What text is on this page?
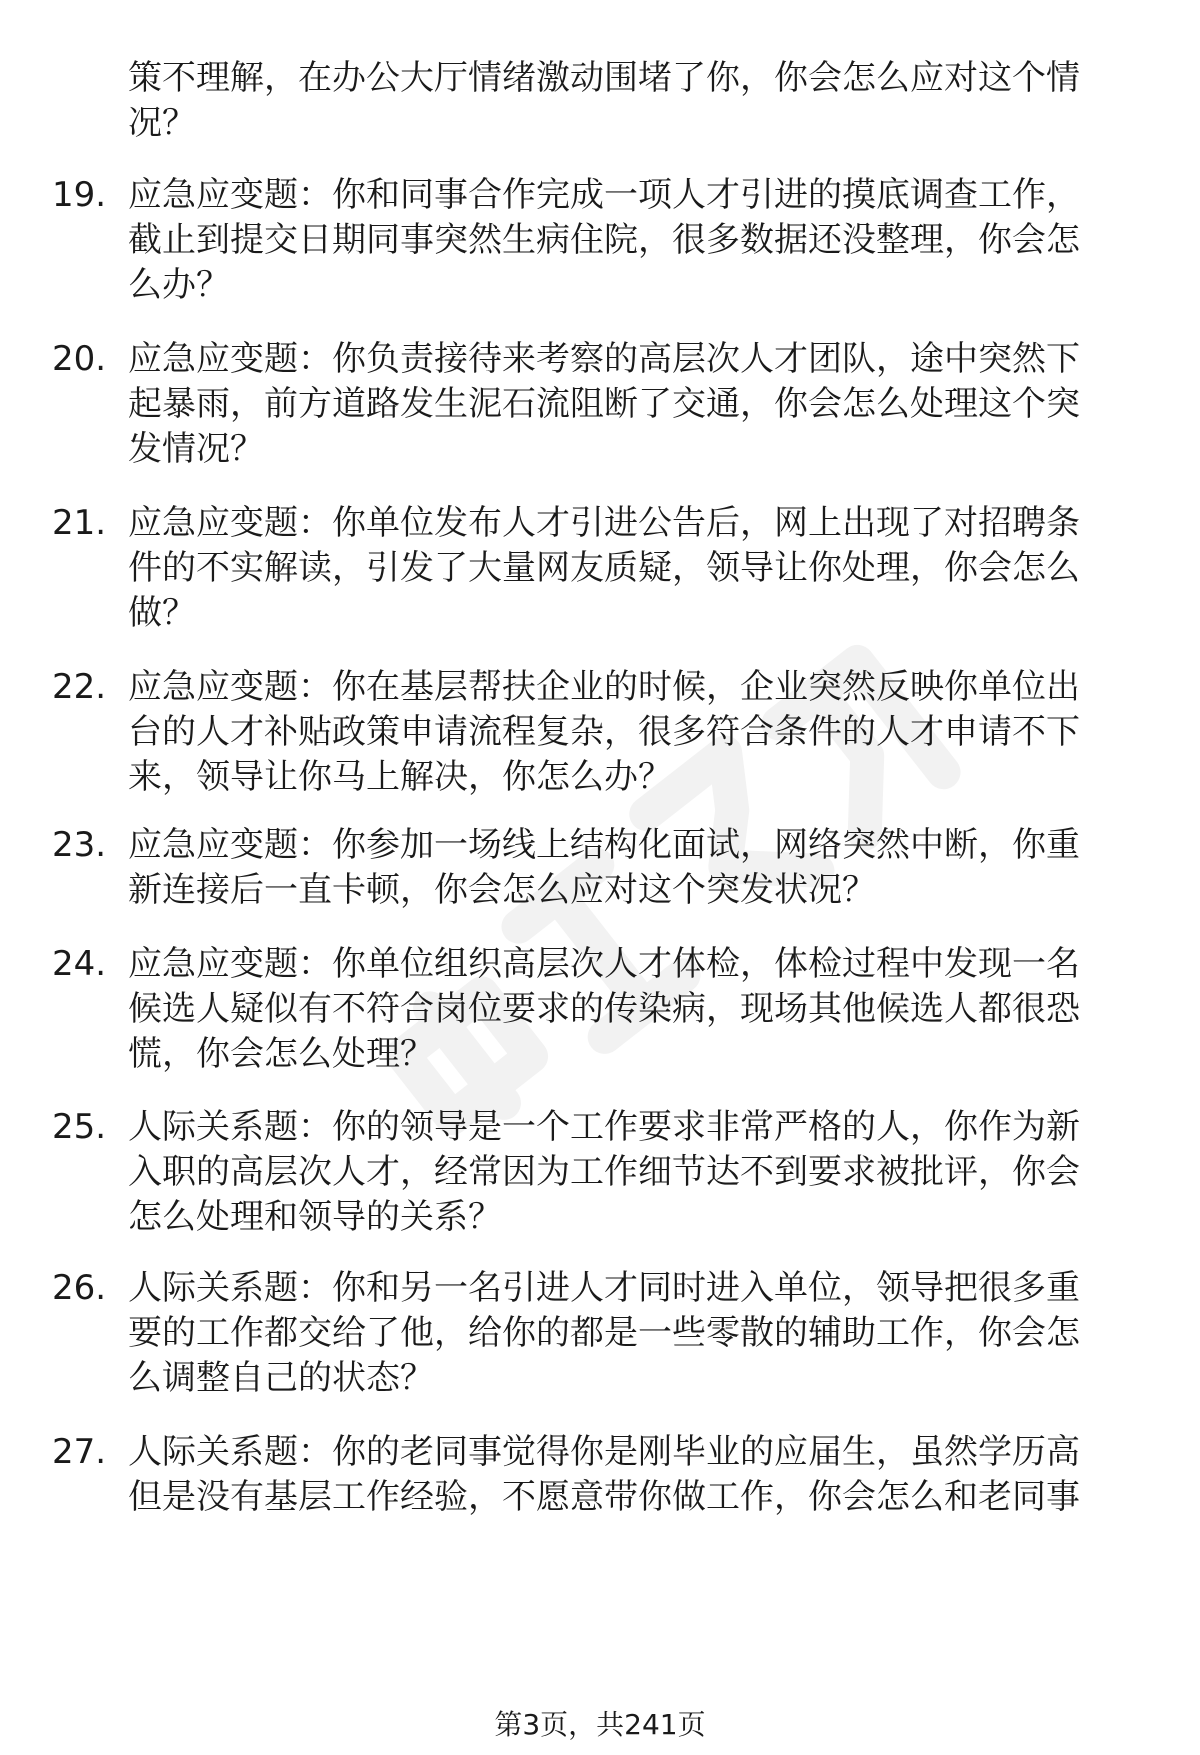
策不理解，在办公大厅情绪激动围堵了你，你会怎么应对这个情
况？
19. 应急应变题：你和同事合作完成一项人才引进的摸底调查工作，
截止到提交日期同事突然生病住院，很多数据还没整理，你会怎
么办？
20. 应急应变题：你负责接待来考察的高层次人才团队，途中突然下
起暴雨，前方道路发生泥石流阻断了交通，你会怎么处理这个突
发情况？
21. 应急应变题：你单位发布人才引进公告后，网上出现了对招聘条
件的不实解读，引发了大量网友质疑，领导让你处理，你会怎么
做？
22. 应急应变题：你在基层帮扶企业的时候，企业突然反映你单位出
台的人才补贴政策申请流程复杂，很多符合条件的人才申请不下
来，领导让你马上解决，你怎么办？
23. 应急应变题：你参加一场线上结构化面试，网络突然中断，你重
新连接后一直卡顿，你会怎么应对这个突发状况？
24. 应急应变题：你单位组织高层次人才体检，体检过程中发现一名
候选人疑似有不符合岗位要求的传染病，现场其他候选人都很恐
慌，你会怎么处理？
25. 人际关系题：你的领导是一个工作要求非常严格的人，你作为新
入职的高层次人才，经常因为工作细节达不到要求被批评，你会
怎么处理和领导的关系？
26. 人际关系题：你和另一名引进人才同时进入单位，领导把很多重
要的工作都交给了他，给你的都是一些零散的辅助工作，你会怎
么调整自己的状态？
27. 人际关系题：你的老同事觉得你是刚毕业的应届生，虽然学历高
但是没有基层工作经验，不愿意带你做工作，你会怎么和老同事
第3页，共241页
